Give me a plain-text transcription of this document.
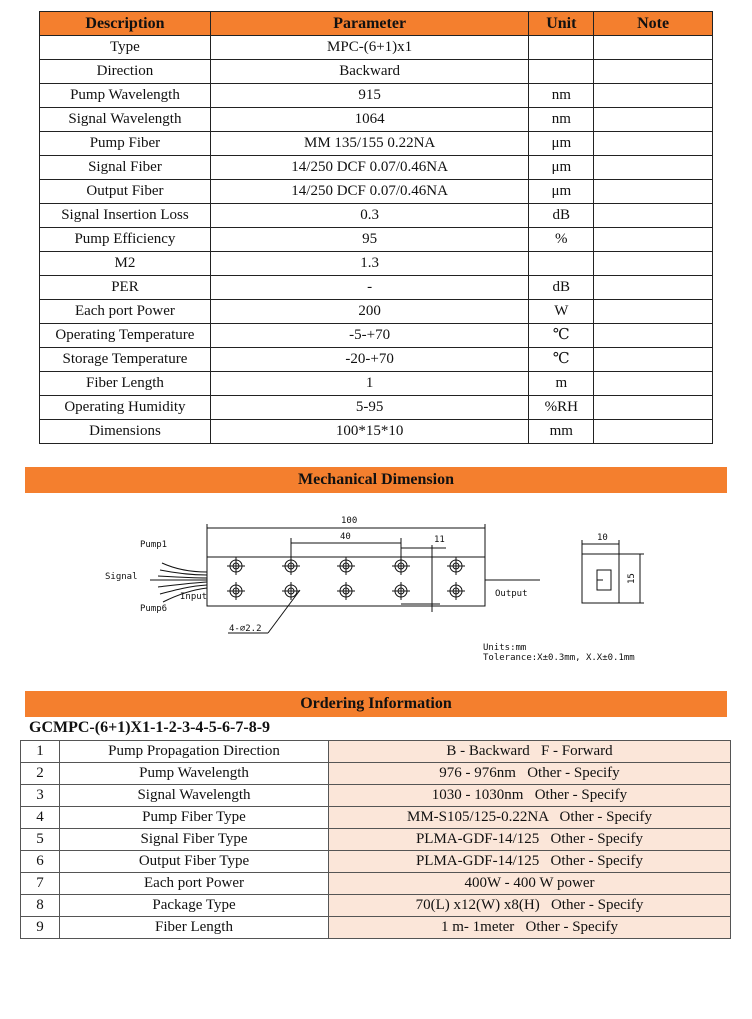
Description	Parameter	Unit	Note
Type	MPC-(6+1)x1		
Direction	Backward		
Pump Wavelength	915	nm	
Signal Wavelength	1064	nm	
Pump Fiber	MM 135/155 0.22NA	μm	
Signal Fiber	14/250 DCF 0.07/0.46NA	μm	
Output Fiber	14/250 DCF 0.07/0.46NA	μm	
Signal Insertion Loss	0.3	dB	
Pump Efficiency	95	%	
M2	1.3		
PER	-	dB	
Each port Power	200	W	
Operating Temperature	-5-+70	℃	
Storage Temperature	-20-+70	℃	
Fiber Length	1	m	
Operating Humidity	5-95	%RH	
Dimensions	100*15*10	mm	
Mechanical Dimension
100
40	11
Pump1
Signal
Pump6
Input	Output
4-⌀2.2
10
15
Units:mm
Tolerance:X±0.3mm, X.X±0.1mm
Ordering Information
GCMPC-(6+1)X1-1-2-3-4-5-6-7-8-9
1	Pump Propagation Direction	B - Backward   F - Forward
2	Pump Wavelength	976 - 976nm   Other - Specify
3	Signal Wavelength	1030 - 1030nm   Other - Specify
4	Pump Fiber Type	MM-S105/125-0.22NA   Other - Specify
5	Signal Fiber Type	PLMA-GDF-14/125   Other - Specify
6	Output Fiber Type	PLMA-GDF-14/125   Other - Specify
7	Each port Power	400W - 400 W power
8	Package Type	70(L) x12(W) x8(H)   Other - Specify
9	Fiber Length	1 m- 1meter   Other - Specify
